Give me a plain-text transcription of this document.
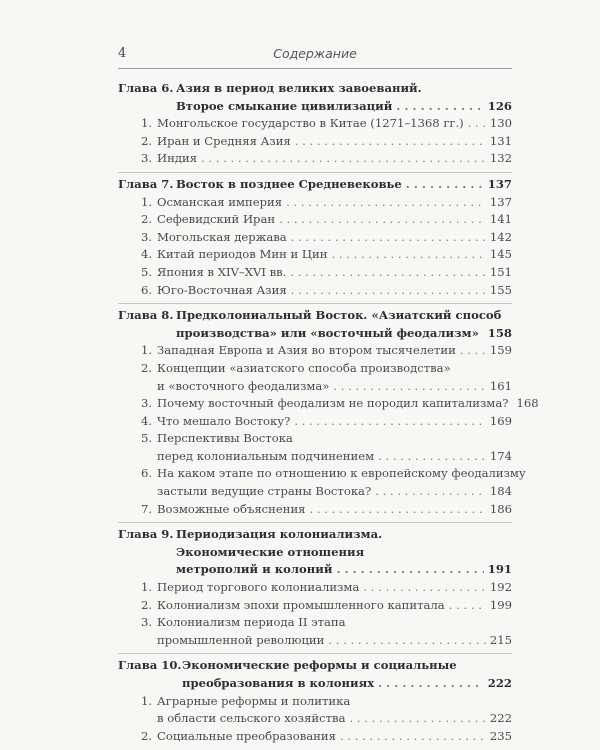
4	Содержание
Глава 6. Азия в период великих завоеваний.
Второе смыкание цивилизаций . . .	126
1. Монгольское государство в Китае (1271–1368 гг.) . . . 130
2. Иран и Средняя Азия . . .	131
3. Индия . . .	132
Глава 7. Восток в позднее Средневековье . . .	137
1. Османская империя . . .	137
2. Сефевидский Иран . . .	141
3. Могольская держава . . .	142
4. Китай периодов Мин и Цин . . .	145
5. Япония в XIV–XVI вв. . . .	151
6. Юго-Восточная Азия . . .	155
Глава 8. Предколониальный Восток. «Азиатский способ
производства» или «восточный феодализм» . . . 158
1. Западная Европа и Азия во втором тысячелетии . . .	159
2. Концепции «азиатского способа производства»
и «восточного феодализма» . . .	161
3. Почему восточный феодализм не породил капитализма? 168
4. Что мешало Востоку? . . .	169
5. Перспективы Востока
перед колониальным подчинением . . .	174
6. На каком этапе по отношению к европейскому феодализму
застыли ведущие страны Востока? . . .	184
7. Возможные объяснения . . .	186
Глава 9. Периодизация колониализма.
Экономические отношения
метрополий и колоний . . .	191
1. Период торгового колониализма . . .	192
2. Колониализм эпохи промышленного капитала . . .	199
3. Колониализм периода II этапа
промышленной революции . . .	215
Глава 10. Экономические реформы и социальные
преобразования в колониях . . .	222
1. Аграрные реформы и политика
в области сельского хозяйства . . .	222
2. Социальные преобразования . . .	235
